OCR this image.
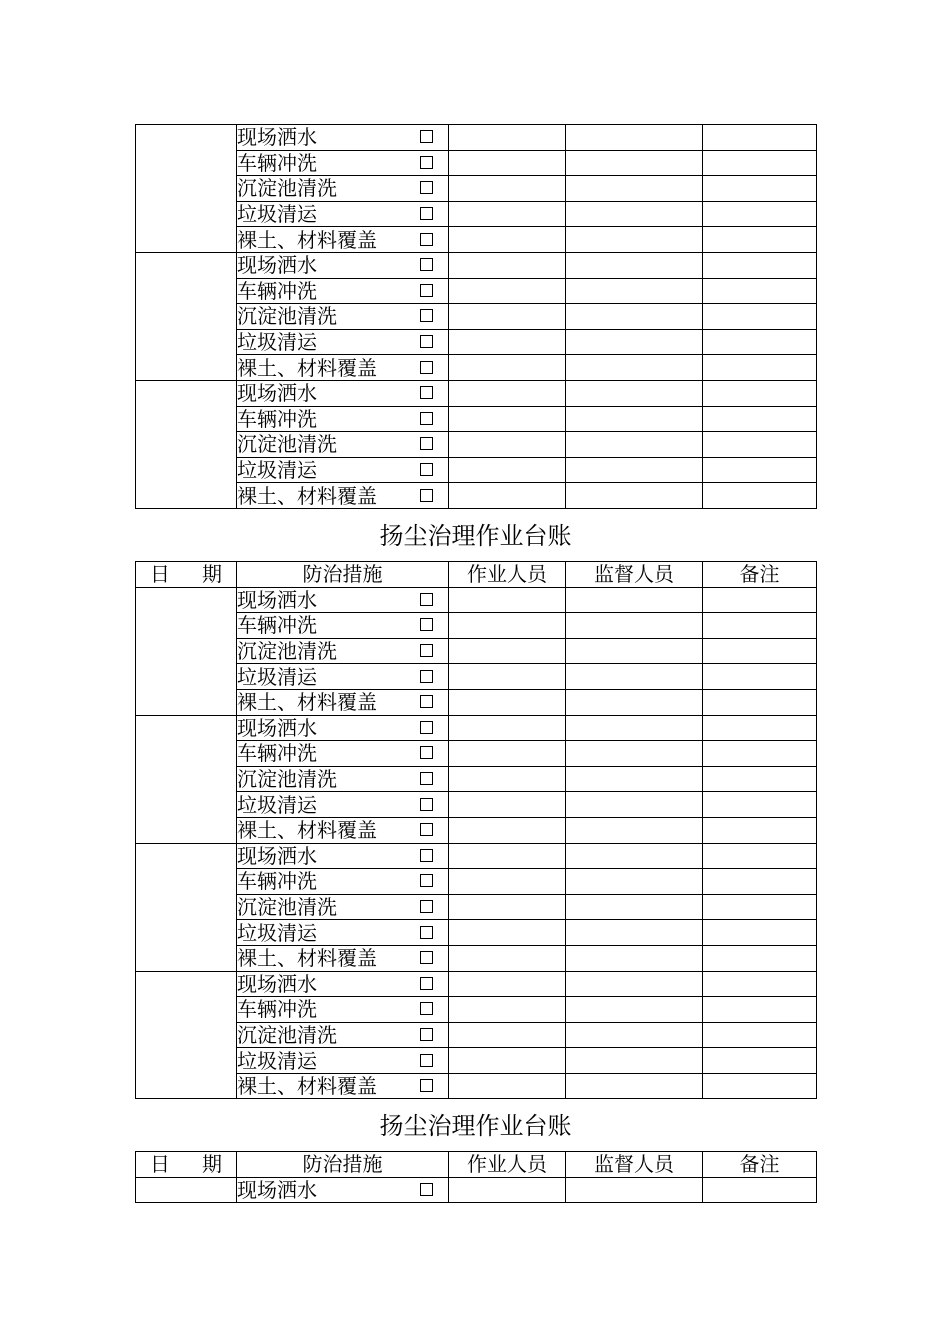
	现场洒水

	车辆冲洗

	沉淀池清洗

	垃圾清运

	裸土、材料覆盖

	现场洒水

	车辆冲洗

	沉淀池清洗

	垃圾清运

	裸土、材料覆盖

	现场洒水

	车辆冲洗

	沉淀池清洗

	垃圾清运

	裸土、材料覆盖

扬尘治理作业台账
日 期	防治措施	作业人员	监督人员	备注
	现场洒水

	车辆冲洗

	沉淀池清洗

	垃圾清运

	裸土、材料覆盖

	现场洒水

	车辆冲洗

	沉淀池清洗

	垃圾清运

	裸土、材料覆盖

	现场洒水

	车辆冲洗

	沉淀池清洗

	垃圾清运

	裸土、材料覆盖

	现场洒水

	车辆冲洗

	沉淀池清洗

	垃圾清运

	裸土、材料覆盖

扬尘治理作业台账
日 期	防治措施	作业人员	监督人员	备注
	现场洒水
